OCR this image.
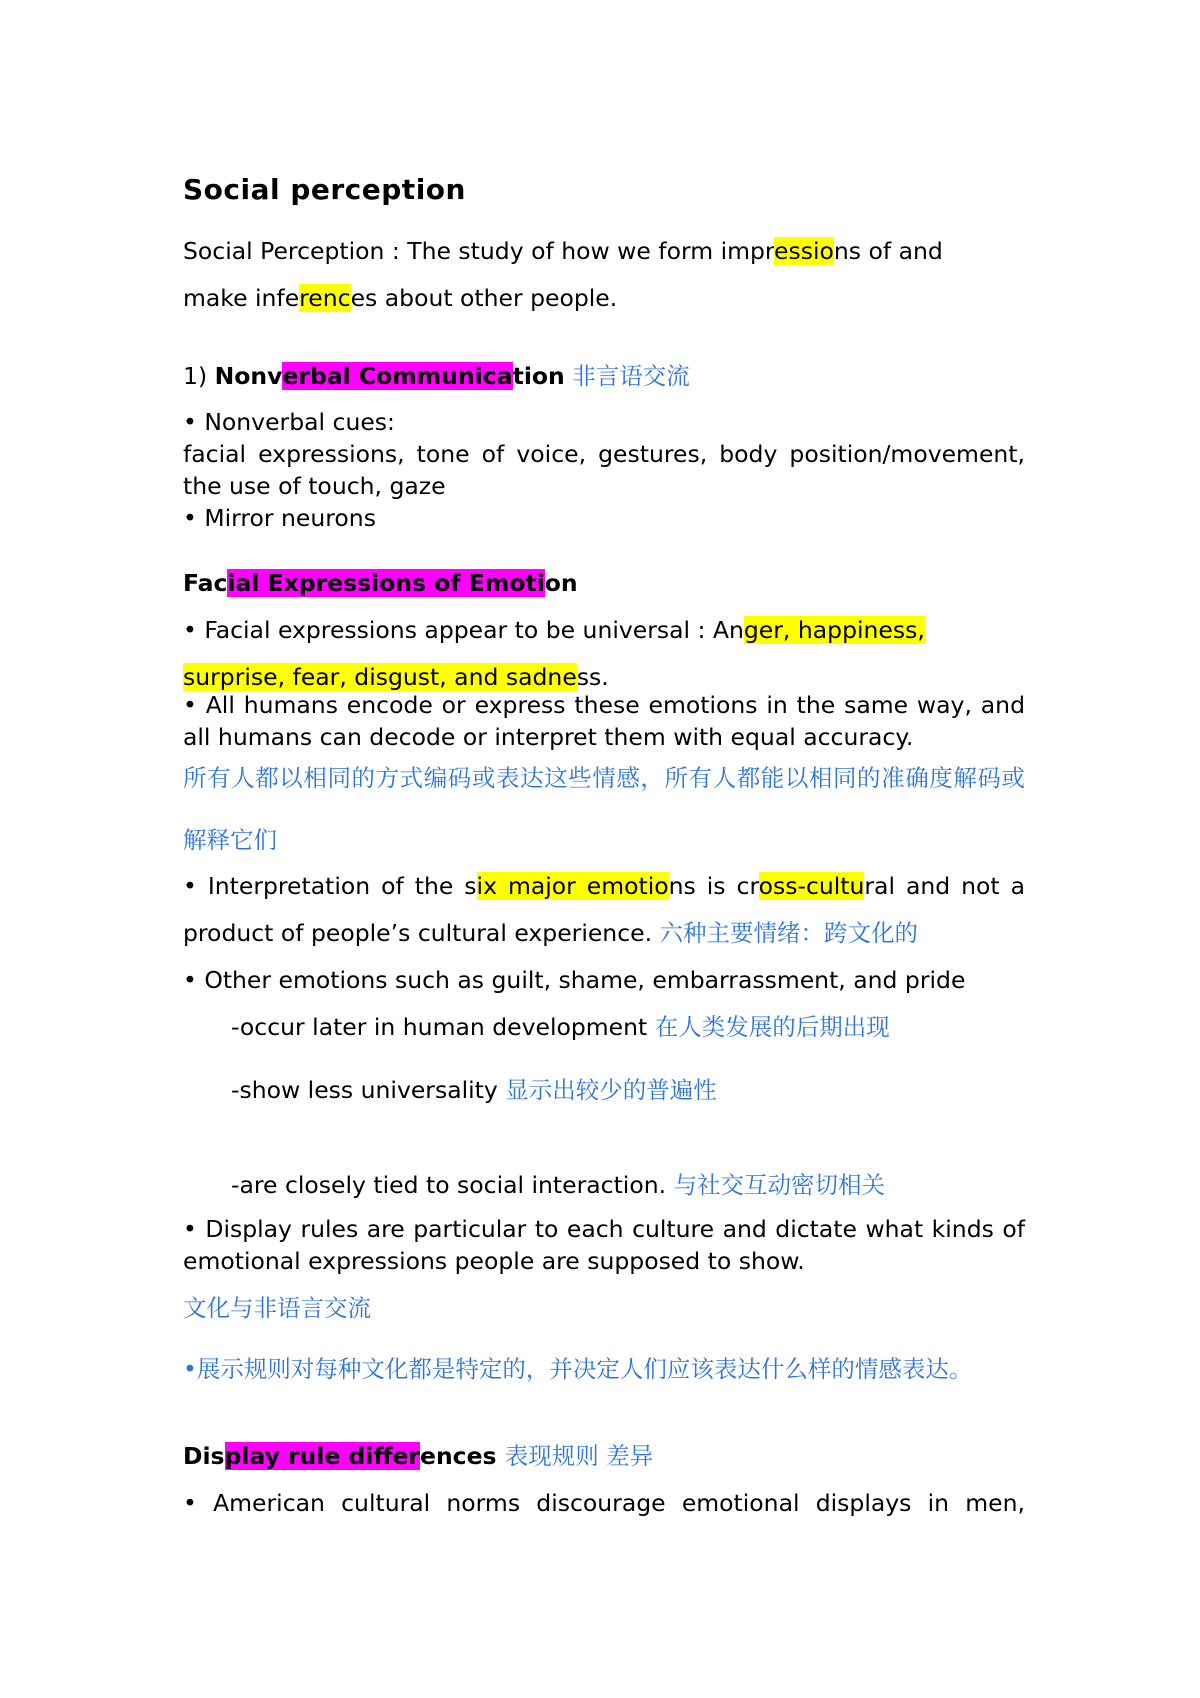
Social perception

Social Perception : The study of how we form impressions of and
make inferences about other people.

1) Nonverbal Communication 非言语交流

• Nonverbal cues:
facial expressions, tone of voice, gestures, body position/movement, the use of touch, gaze
• Mirror neurons
Facial Expressions of Emotion

• Facial expressions appear to be universal : Anger, happiness,
surprise, fear, disgust, and sadness.

• All humans encode or express these emotions in the same way, and all humans can decode or interpret them with equal accuracy.

所有人都以相同的方式编码或表达这些情感，所有人都能以相同的准确度解码或解释它们

• Interpretation of the six major emotions is cross-cultural and not a product of people’s cultural experience. 六种主要情绪：跨文化的

• Other emotions such as guilt, shame, embarrassment, and pride

-occur later in human development 在人类发展的后期出现

-show less universality 显示出较少的普遍性

-are closely tied to social interaction. 与社交互动密切相关

• Display rules are particular to each culture and dictate what kinds of emotional expressions people are supposed to show.

文化与非语言交流

•展示规则对每种文化都是特定的，并决定人们应该表达什么样的情感表达。

Display rule differences 表现规则 差异

• American cultural norms discourage emotional displays in men,
